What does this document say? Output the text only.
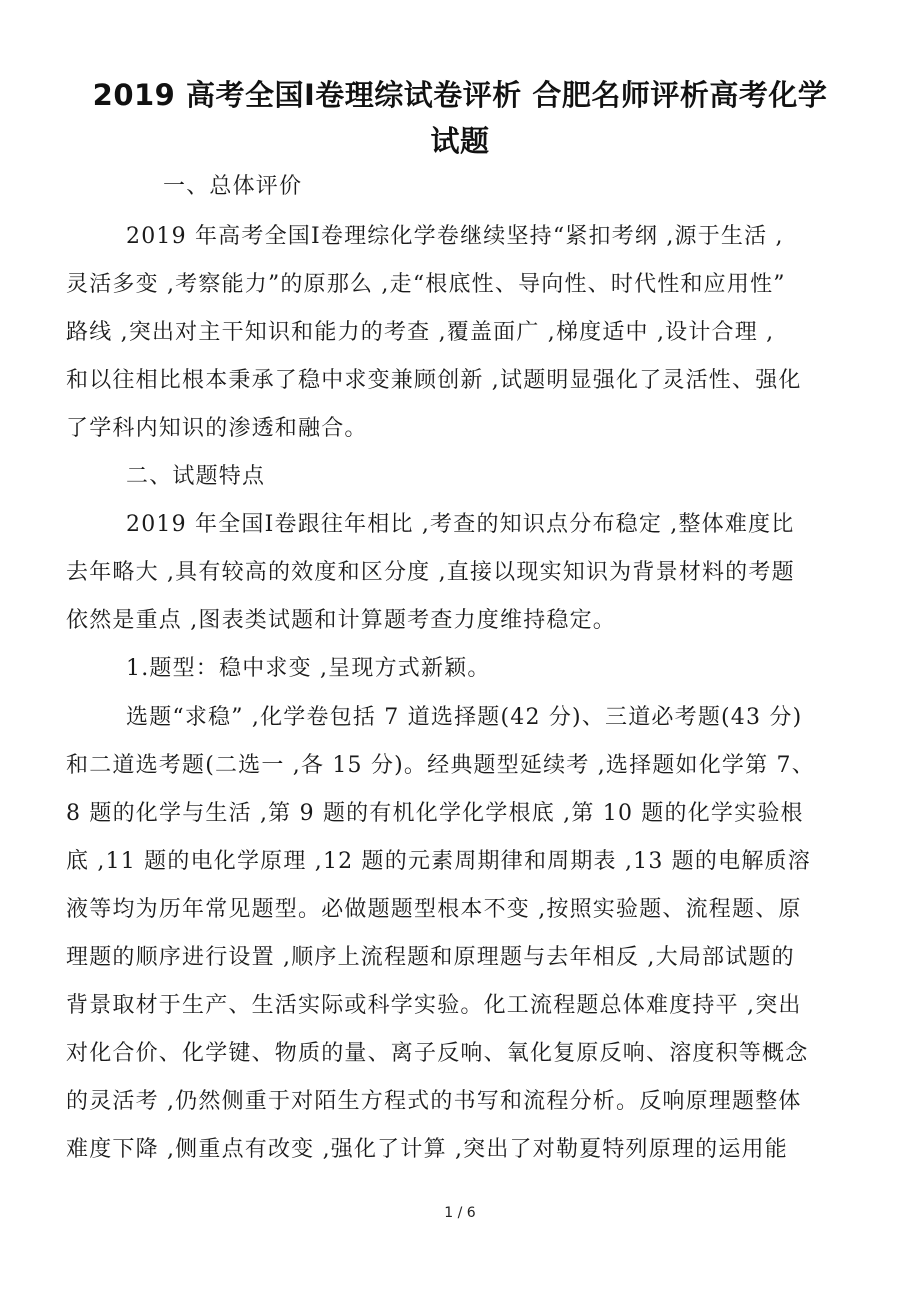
2019 高考全国Ⅰ卷理综试卷评析 合肥名师评析高考化学
试题
一、总体评价
2019 年高考全国Ⅰ卷理综化学卷继续坚持“紧扣考纲 ,源于生活 ,
灵活多变 ,考察能力”的原那么 ,走“根底性、导向性、时代性和应用性”
路线 ,突出对主干知识和能力的考查 ,覆盖面广 ,梯度适中 ,设计合理 ,
和以往相比根本秉承了稳中求变兼顾创新 ,试题明显强化了灵活性、强化
了学科内知识的渗透和融合。
二、试题特点
2019 年全国Ⅰ卷跟往年相比 ,考查的知识点分布稳定 ,整体难度比
去年略大 ,具有较高的效度和区分度 ,直接以现实知识为背景材料的考题
依然是重点 ,图表类试题和计算题考查力度维持稳定。
1.题型：稳中求变 ,呈现方式新颖。
选题“求稳” ,化学卷包括 7 道选择题(42 分)、三道必考题(43 分)
和二道选考题(二选一 ,各 15 分)。经典题型延续考 ,选择题如化学第 7、
8 题的化学与生活 ,第 9 题的有机化学化学根底 ,第 10 题的化学实验根
底 ,11 题的电化学原理 ,12 题的元素周期律和周期表 ,13 题的电解质溶
液等均为历年常见题型。必做题题型根本不变 ,按照实验题、流程题、原
理题的顺序进行设置 ,顺序上流程题和原理题与去年相反 ,大局部试题的
背景取材于生产、生活实际或科学实验。化工流程题总体难度持平 ,突出
对化合价、化学键、物质的量、离子反响、氧化复原反响、溶度积等概念
的灵活考 ,仍然侧重于对陌生方程式的书写和流程分析。反响原理题整体
难度下降 ,侧重点有改变 ,强化了计算 ,突出了对勒夏特列原理的运用能
1 / 6
